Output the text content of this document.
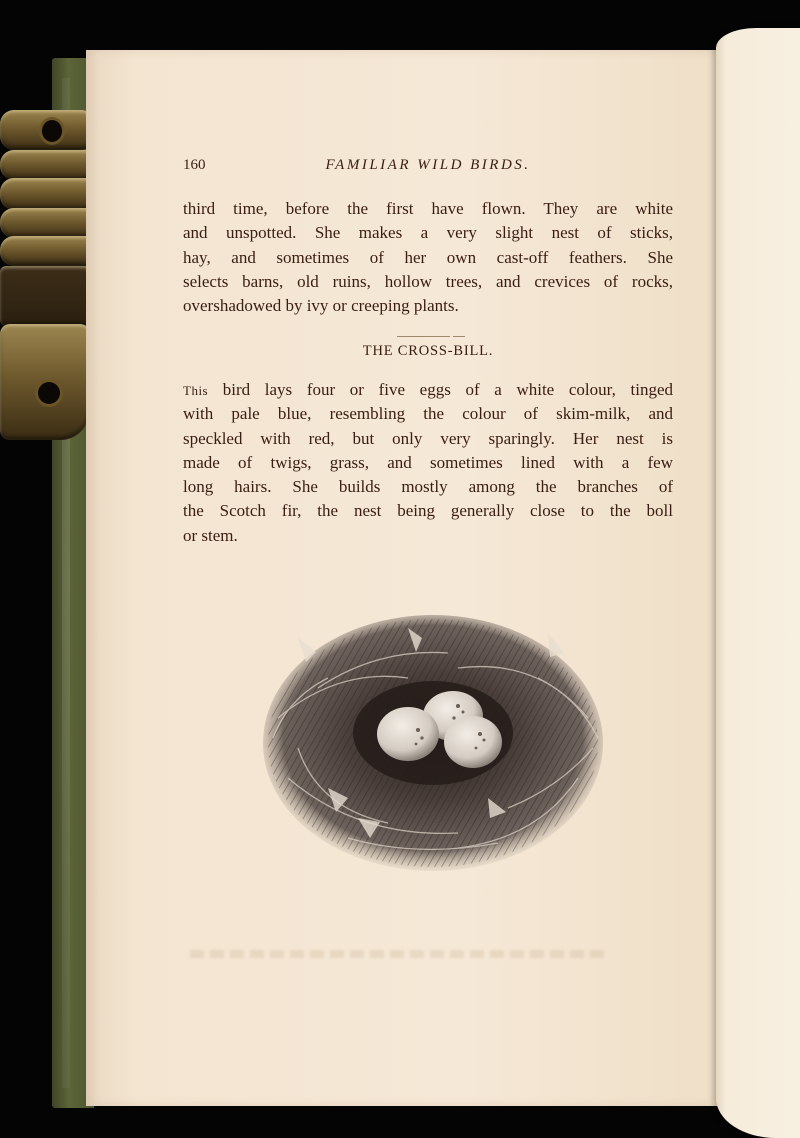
160	FAMILIAR WILD BIRDS.
third time, before the first have flown. They are white
and unspotted. She makes a very slight nest of sticks,
hay, and sometimes of her own cast-off feathers. She
selects barns, old ruins, hollow trees, and crevices of rocks,
overshadowed by ivy or creeping plants.
THE CROSS-BILL.
This bird lays four or five eggs of a white colour, tinged
with pale blue, resembling the colour of skim-milk, and
speckled with red, but only very sparingly. Her nest is
made of twigs, grass, and sometimes lined with a few
long hairs. She builds mostly among the branches of
the Scotch fir, the nest being generally close to the boll
or stem.
